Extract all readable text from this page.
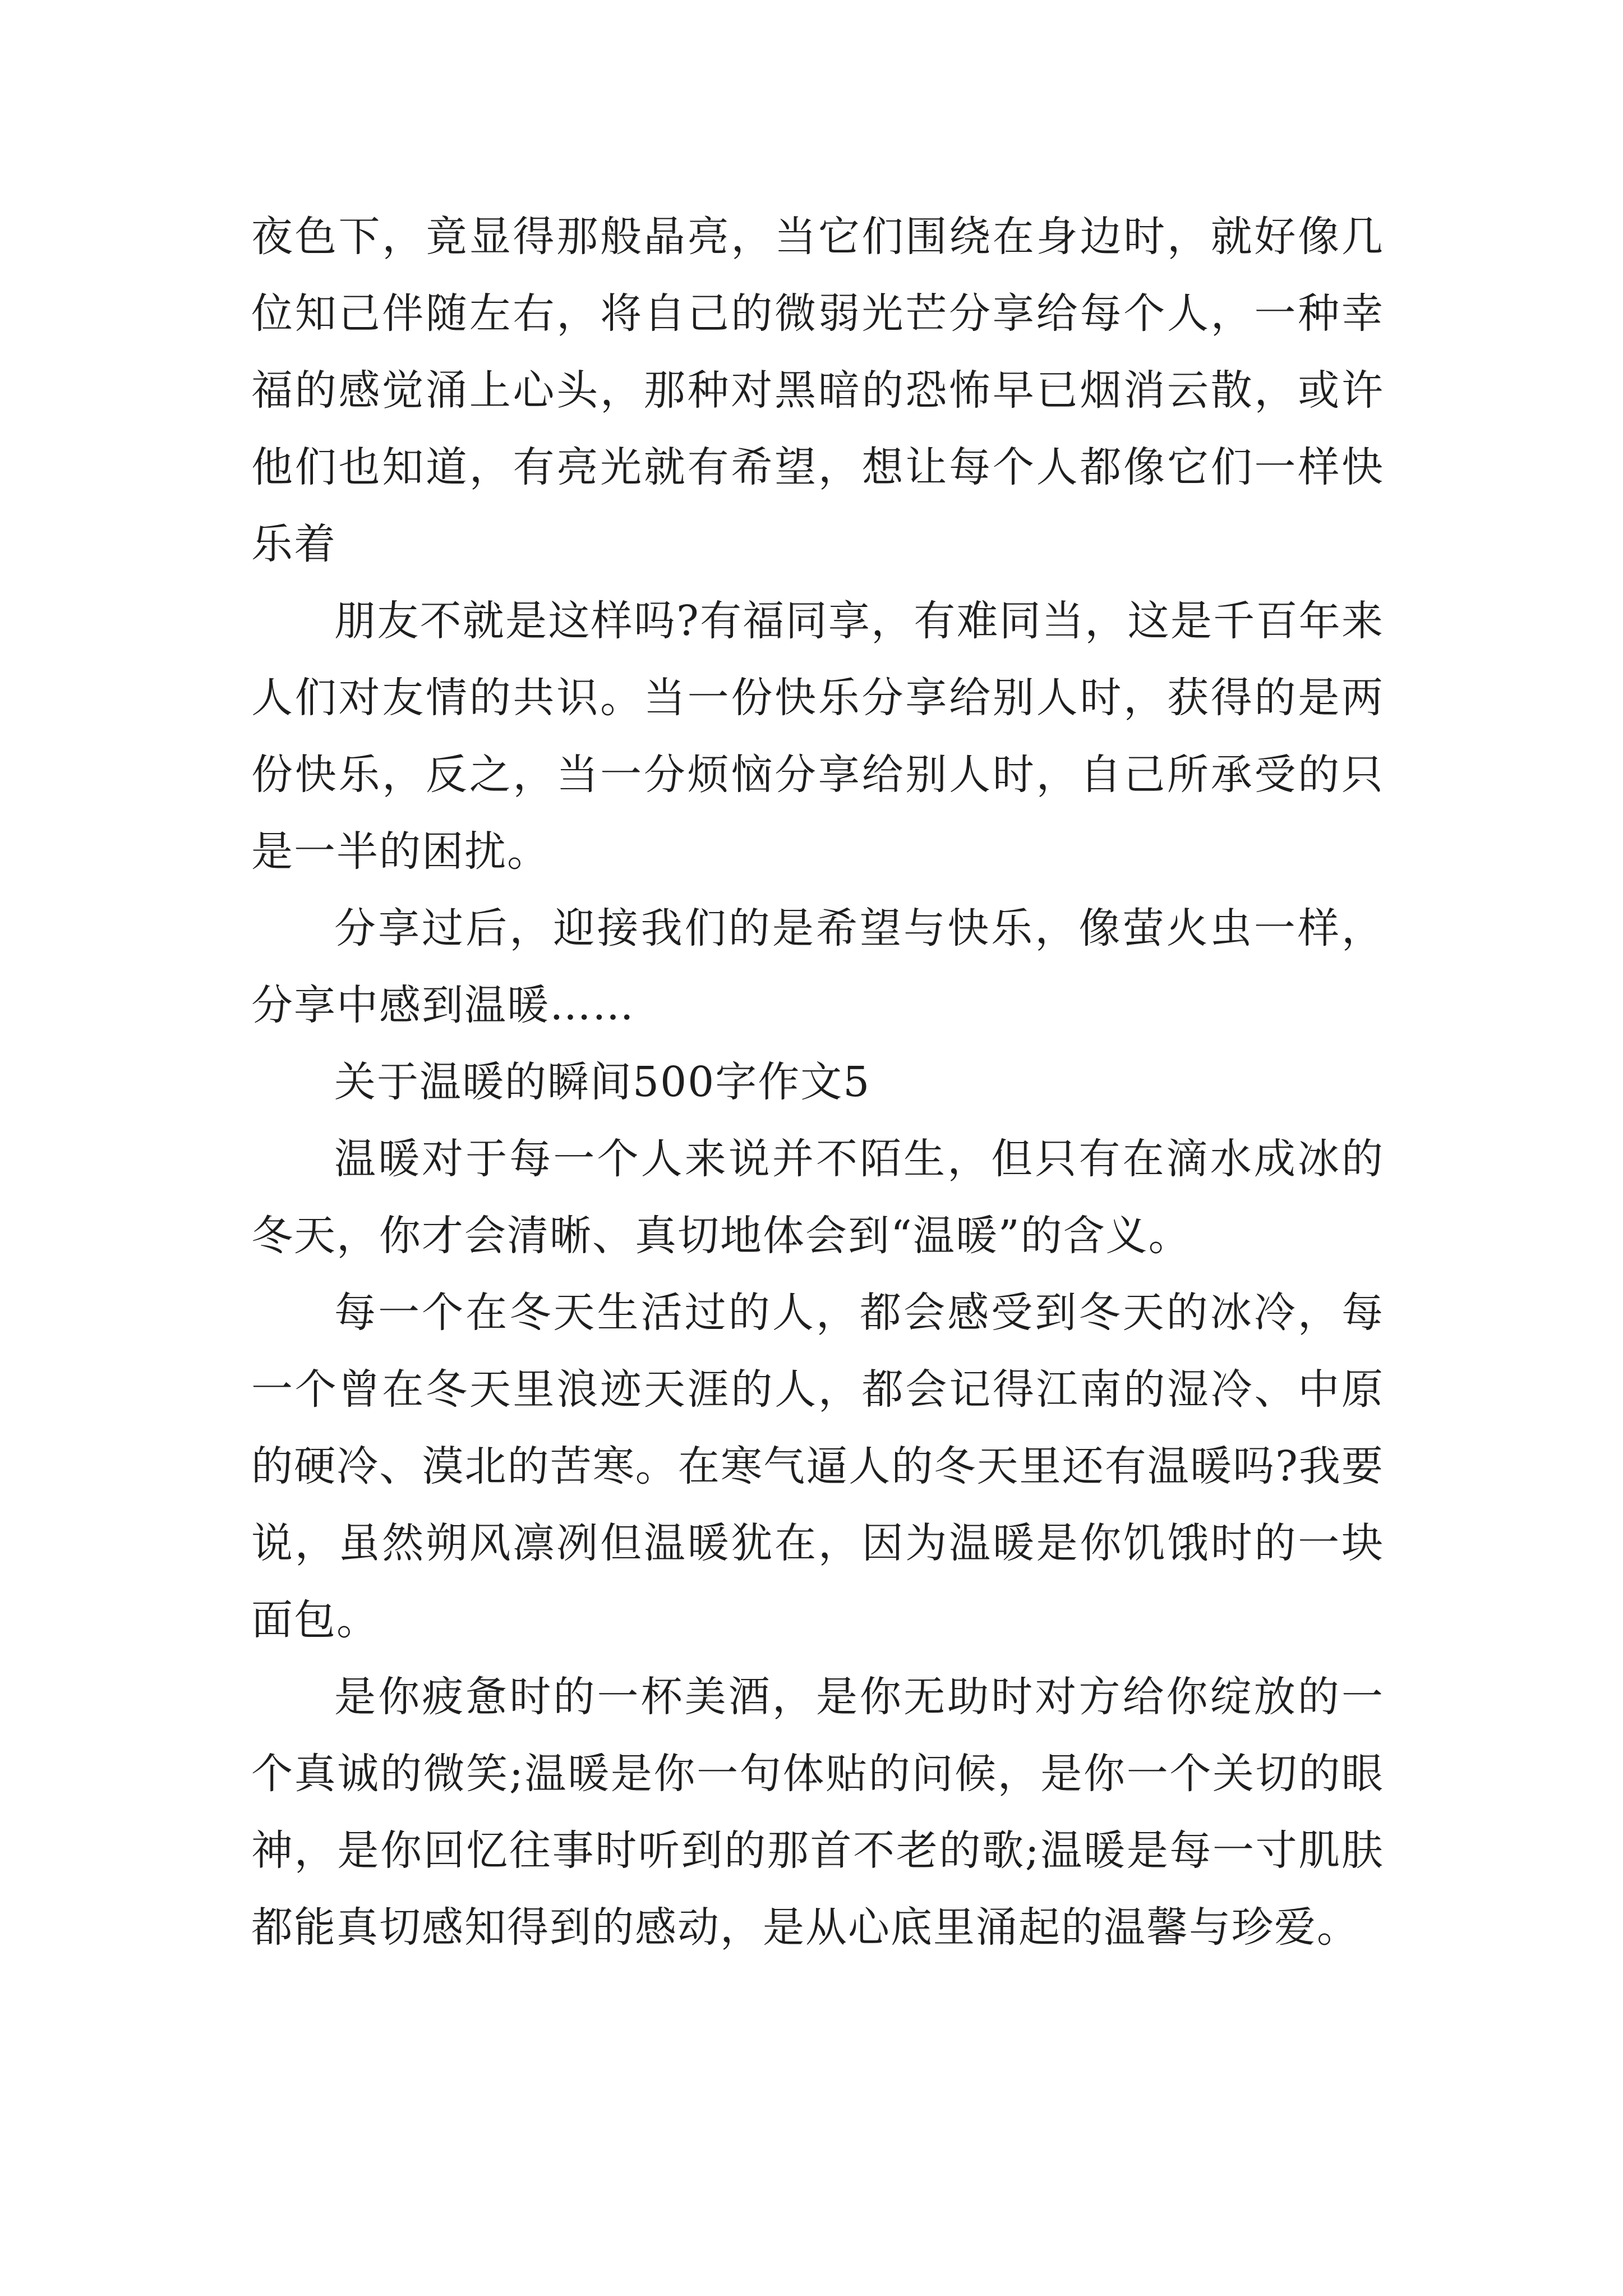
夜色下，竟显得那般晶亮，当它们围绕在身边时，就好像几位知己伴随左右，将自己的微弱光芒分享给每个人，一种幸福的感觉涌上心头，那种对黑暗的恐怖早已烟消云散，或许他们也知道，有亮光就有希望，想让每个人都像它们一样快乐着

朋友不就是这样吗?有福同享，有难同当，这是千百年来人们对友情的共识。当一份快乐分享给别人时，获得的是两份快乐，反之，当一分烦恼分享给别人时，自己所承受的只是一半的困扰。

分享过后，迎接我们的是希望与快乐，像萤火虫一样，分享中感到温暖……

关于温暖的瞬间500字作文5

温暖对于每一个人来说并不陌生，但只有在滴水成冰的冬天，你才会清晰、真切地体会到“温暖”的含义。

每一个在冬天生活过的人，都会感受到冬天的冰冷，每一个曾在冬天里浪迹天涯的人，都会记得江南的湿冷、中原的硬冷、漠北的苦寒。在寒气逼人的冬天里还有温暖吗?我要说，虽然朔风凛冽但温暖犹在，因为温暖是你饥饿时的一块面包。

是你疲惫时的一杯美酒，是你无助时对方给你绽放的一个真诚的微笑;温暖是你一句体贴的问候，是你一个关切的眼神，是你回忆往事时听到的那首不老的歌;温暖是每一寸肌肤都能真切感知得到的感动，是从心底里涌起的温馨与珍爱。
